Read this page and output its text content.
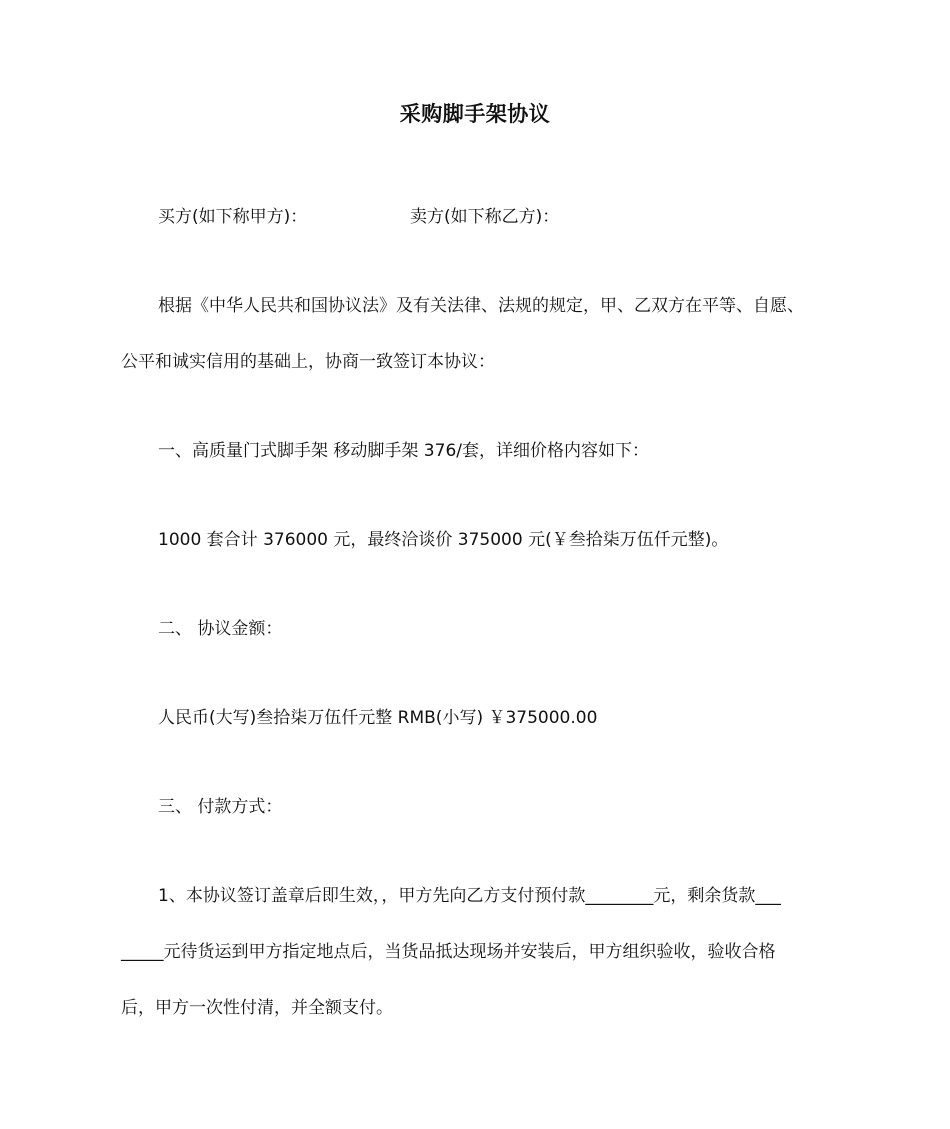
采购脚手架协议
买方(如下称甲方)：	卖方(如下称乙方)：
根据《中华人民共和国协议法》及有关法律、法规的规定，甲、乙双方在平等、自愿、
公平和诚实信用的基础上，协商一致签订本协议：
一、高质量门式脚手架 移动脚手架 376/套，详细价格内容如下：
1000 套合计 376000 元，最终洽谈价 375000 元(￥叁拾柒万伍仟元整)。
二、 协议金额：
人民币(大写)叁拾柒万伍仟元整 RMB(小写) ￥375000.00
三、 付款方式：
1、本协议签订盖章后即生效，，甲方先向乙方支付预付款________元，剩余货款___
_____元待货运到甲方指定地点后，当货品抵达现场并安装后，甲方组织验收，验收合格
后，甲方一次性付清，并全额支付。
